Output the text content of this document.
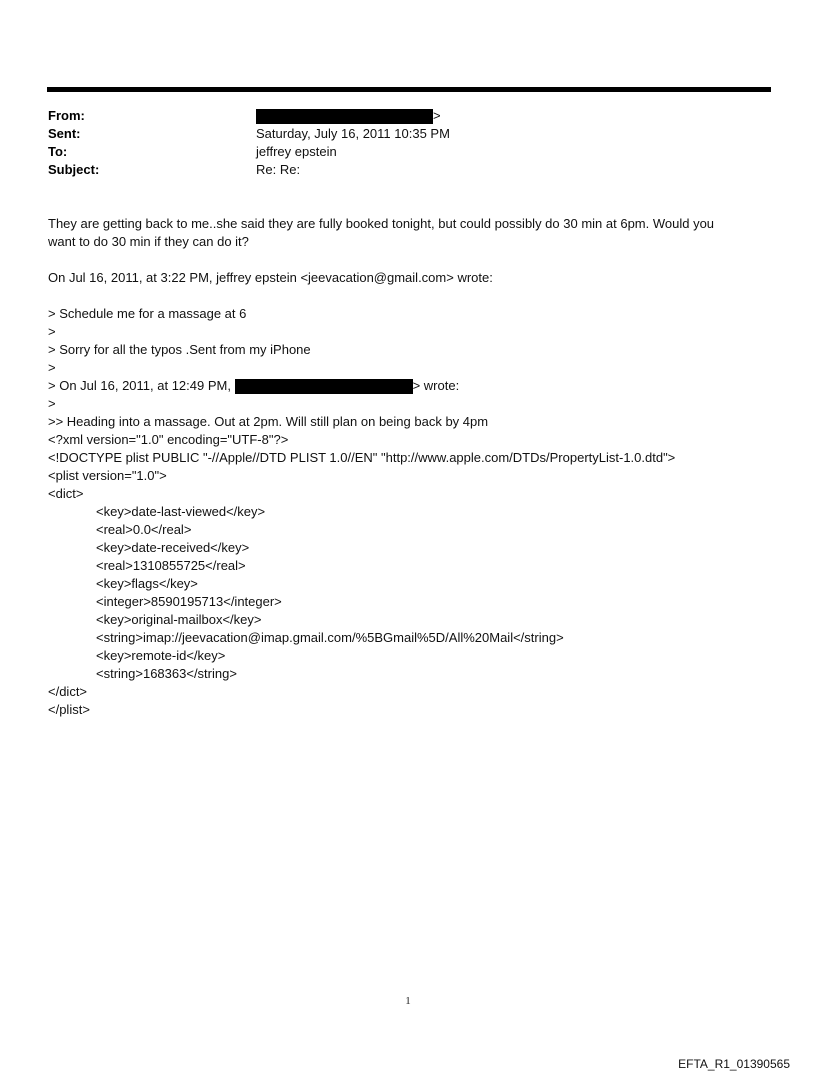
From:	>
Sent:	Saturday, July 16, 2011 10:35 PM
To:	jeffrey epstein
Subject:	Re: Re:

They are getting back to me..she said they are fully booked tonight, but could possibly do 30 min at 6pm. Would you

want to do 30 min if they can do it?

On Jul 16, 2011, at 3:22 PM, jeffrey epstein <jeevacation@gmail.com> wrote:
> Schedule me for a massage at 6
>
> Sorry for all the typos .Sent from my iPhone
>
> On Jul 16, 2011, at 12:49 PM,
	> wrote:
>
>> Heading into a massage. Out at 2pm. Will still plan on being back by 4pm
<?xml version="1.0" encoding="UTF-8"?>
<!DOCTYPE plist PUBLIC "-//Apple//DTD PLIST 1.0//EN" "http://www.apple.com/DTDs/PropertyList-1.0.dtd">
<plist version="1.0">
<dict>
<key>date-last-viewed</key>
<real>0.0</real>
<key>date-received</key>
<real>1310855725</real>
<key>flags</key>
<integer>8590195713</integer>
<key>original-mailbox</key>
<string>imap://jeevacation@imap.gmail.com/%5BGmail%5D/All%20Mail</string>
<key>remote-id</key>
<string>168363</string>
</dict>
</plist>
1
EFTA_R1_01390565
